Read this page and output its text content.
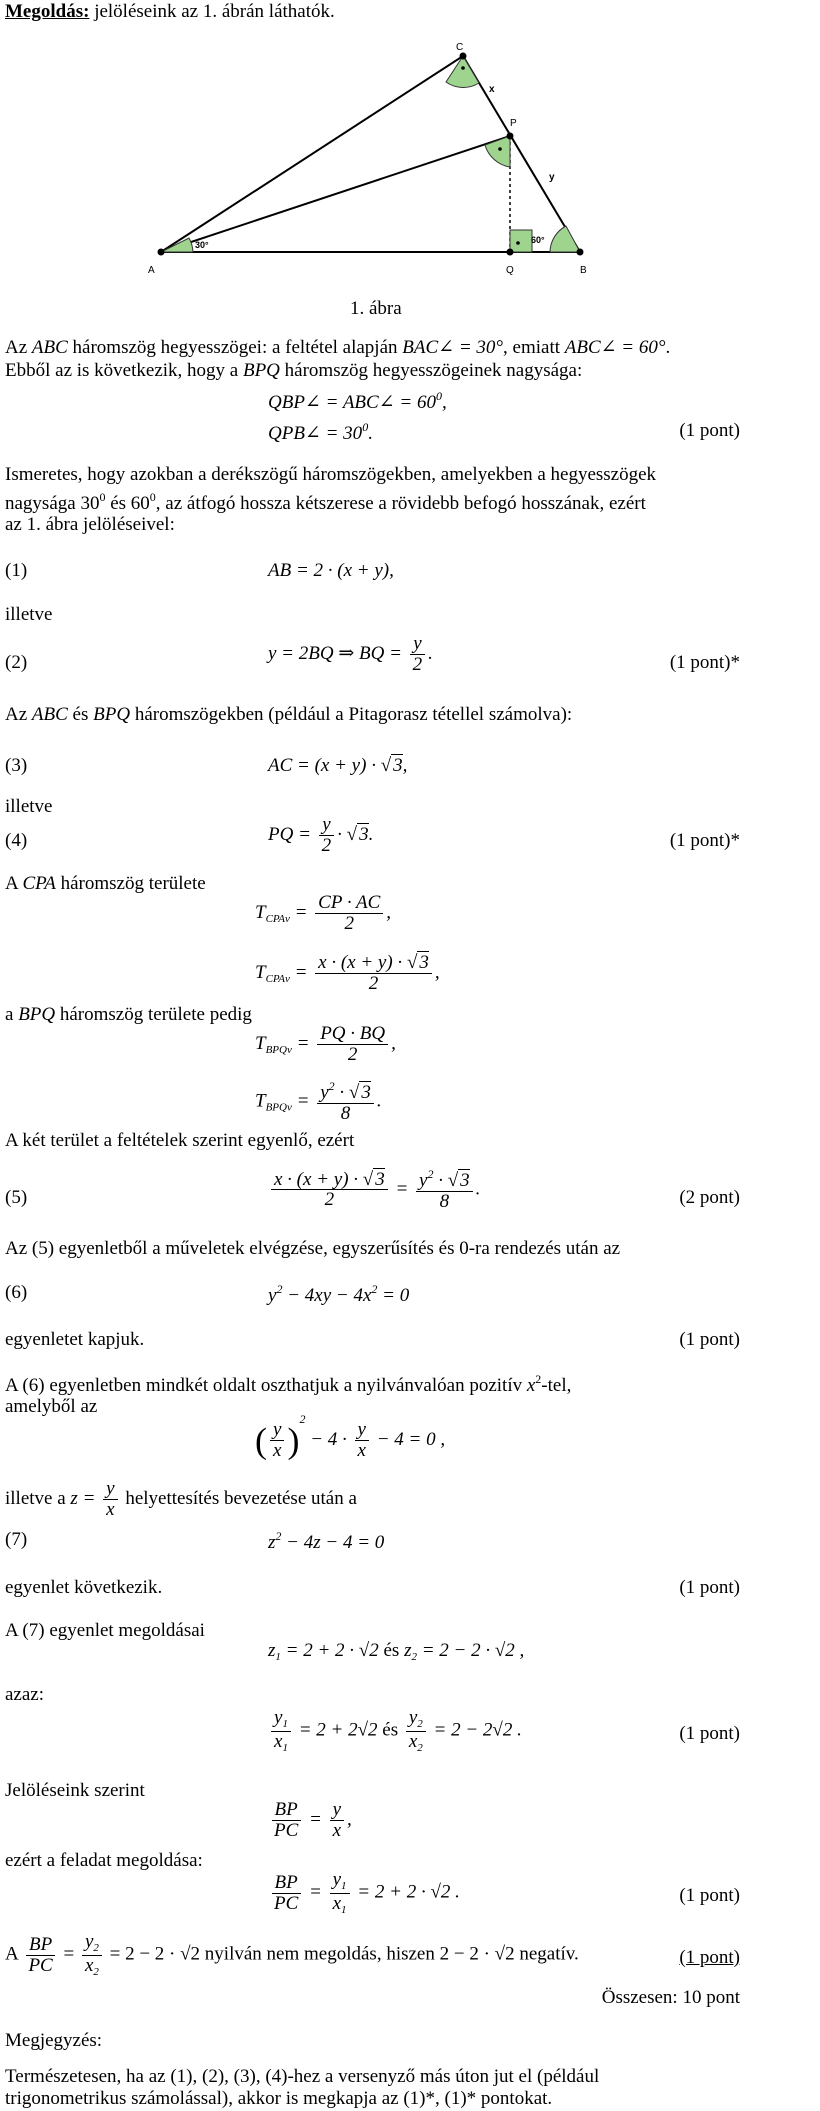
Megoldás: jelöléseink az 1. ábrán láthatók.
A	B
C
P
Q
x
y
30°	60°
1. ábra
Az ABC háromszög hegyesszögei: a feltétel alapján BAC∠ = 30°, emiatt ABC∠ = 60°.
Ebből az is következik, hogy a BPQ háromszög hegyesszögeinek nagysága:
QBP∠ = ABC∠ = $60^0$,
QPB∠ = $30^0$.	(1 pont)
Ismeretes, hogy azokban a derékszögű háromszögekben, amelyekben a hegyesszögek
nagysága $30^0$ és $60^0$, az átfogó hossza kétszerese a rövidebb befogó hosszának, ezért
az 1. ábra jelöléseivel:
(1)	AB = 2 · (x + y),
illetve
(2)	y = 2BQ ⇒ BQ = $\frac{y}{2}$ .	(1 pont)*
Az ABC és BPQ háromszögekben (például a Pitagorasz tétellel számolva):
(3)	AC = (x + y) · √ 3,
illetve
(4)	PQ = $\frac{y}{2}$ · √ 3.	(1 pont)*
A CPA háromszög területe
$T_{CPAv} = \frac{CP \cdot AC}{2}$ ,
$T_{CPAv} = \frac{x \cdot (x + y) \cdot √ 3}{2}$ ,
a BPQ háromszög területe pedig
$T_{BPQv} = \frac{PQ \cdot BQ}{2}$ ,
$T_{BPQv} = \frac{y^2 \cdot √ 3}{8}$ .
A két terület a feltételek szerint egyenlő, ezért
(5)	$\frac{x \cdot (x + y) \cdot √ 3}{2} = \frac{y^2 \cdot √ 3}{8}$ .	(2 pont)
Az (5) egyenletből a műveletek elvégzése, egyszerűsítés és 0-ra rendezés után az
(6)	$y^2 - 4xy - 4x^2 = 0$
egyenletet kapjuk.	(1 pont)
A (6) egyenletben mindkét oldalt oszthatjuk a nyilvánvalóan pozitív $x^2$-tel,
amelyből az
( $\frac{y}{x} )^2 - 4 \cdot \frac{y}{x} - 4 = 0$ ,
illetve a $z = \frac{y}{x}$ helyettesítés bevezetése után a
(7)	$z^2 - 4z - 4 = 0$
egyenlet következik.	(1 pont)
A (7) egyenlet megoldásai
$z_1 = 2 + 2 \cdot √2$ és $z_2 = 2 - 2 \cdot √2$ ,
azaz:
$\frac{y_1}{x_1} = 2 + 2√2$ és $\frac{y_2}{x_2} = 2 - 2√2$ .	(1 pont)
Jelöléseink szerint
$\frac{BP}{PC} = \frac{y}{x}$ ,
ezért a feladat megoldása:
$\frac{BP}{PC} = \frac{y_1}{x_1} = 2 + 2 \cdot √2$ .	(1 pont)
A $\frac{BP}{PC} = \frac{y_2}{x_2} = 2 - 2 \cdot √2$ nyilván nem megoldás, hiszen 2 − 2 · √2 negatív.	(1 pont)
Összesen: 10 pont
Megjegyzés:
Természetesen, ha az (1), (2), (3), (4)-hez a versenyző más úton jut el (például
trigonometrikus számolással), akkor is megkapja az (1)*, (1)* pontokat.
